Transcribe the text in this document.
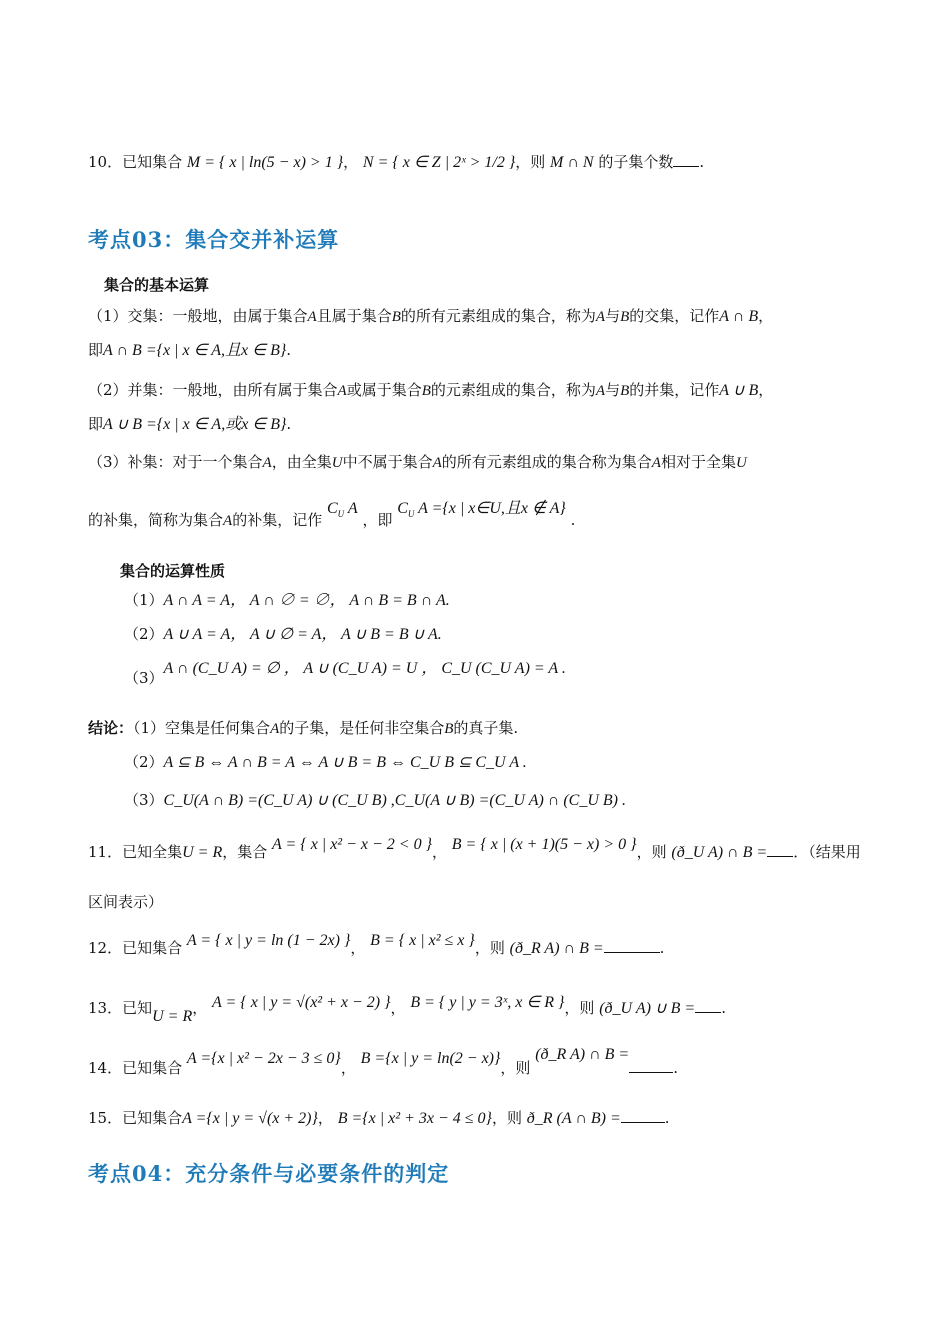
10．已知集合 M = { x | ln(5 − x) > 1 }， N = { x ∈ Z | 2ˣ > 1/2 }，则 M ∩ N 的子集个数 .
考点03：集合交并补运算
集合的基本运算
（1）交集：一般地，由属于集合A且属于集合B的所有元素组成的集合，称为A与B的交集，记作A ∩ B，
即A ∩ B ={x | x ∈ A,且x ∈ B}.
（2）并集：一般地，由所有属于集合A或属于集合B的元素组成的集合，称为A与B的并集，记作A ∪ B，
即A ∪ B ={x | x ∈ A,或x ∈ B}.
（3）补集：对于一个集合A，由全集U中不属于集合A的所有元素组成的集合称为集合A相对于全集U
的补集，简称为集合A的补集，记作 $C_U$ A ，即 $C_U$ A ={x | x∈U,且x ∉ A} .
集合的运算性质
（1）A ∩ A = A， A ∩ ∅ = ∅， A ∩ B = B ∩ A.
（2）A ∪ A = A， A ∪ ∅ = A， A ∪ B = B ∪ A.
（3）A ∩ (C_U A) = ∅ ， A ∪ (C_U A) = U ， C_U (C_U A) = A .
结论：（1）空集是任何集合A的子集，是任何非空集合B的真子集.
（2）A ⊆ B ⇔ A ∩ B = A ⇔ A ∪ B = B ⇔ C_U B ⊆ C_U A .
（3）C_U(A ∩ B) =(C_U A) ∪ (C_U B) ,C_U(A ∪ B) =(C_U A) ∩ (C_U B) .
11．已知全集U = R，集合 A = { x | x² − x − 2 < 0 }， B = { x | (x + 1)(5 − x) > 0 }，则 (ð_U A) ∩ B = ．（结果用
区间表示）
12．已知集合 A = { x | y = ln (1 − 2x) }， B = { x | x² ≤ x }，则 (ð_R A) ∩ B =	.
13．已知U = R， A = { x | y = √(x² + x − 2) }， B = { y | y = 3ˣ, x ∈ R }，则 (ð_U A) ∪ B = .
14．已知集合 A ={x | x² − 2x − 3 ≤ 0}， B ={x | y = ln(2 − x)}，则 (ð_R A) ∩ B =.
15．已知集合A ={x | y = √(x + 2)}， B ={x | x² + 3x − 4 ≤ 0}，则 ð_R (A ∩ B) =	.
考点04：充分条件与必要条件的判定
